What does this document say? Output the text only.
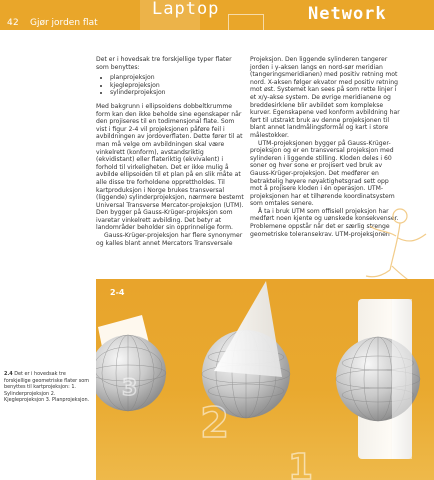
42 Gjør jorden flat
Laptop	Network

Det er i hovedsak tre forskjellige typer flater som benyttes:

• planprojeksjon
• kjegleprojeksjon
• sylinderprojeksjon

Med bakgrunn i ellipsoidens dobbeltkrumme form kan den ikke beholde sine egenskaper når den projiseres til en todimensjonal flate. Som vist i figur 2-4 vil projeksjonen påføre feil i avbildningen av jordoverflaten. Dette fører til at man må velge om avbildningen skal være vinkelrett (konform), avstandsriktig (ekvidistant) eller flateriktig (ekvivalent) i forhold til virkeligheten. Det er ikke mulig å avbilde ellipsoiden til et plan på en slik måte at alle disse tre forholdene opprettholdes. Til kartproduksjon i Norge brukes transversal (liggende) sylinderprojeksjon, nærmere bestemt Universal Transverse Mercator-projeksjon (UTM). Den bygger på Gauss-Krüger-projeksjon som ivaretar vinkelrett avbilding. Det betyr at landområder beholder sin opprinnelige form.

Gauss-Krüger-projeksjon har flere synonymer og kalles blant annet Mercators Transversale

Projeksjon. Den liggende sylinderen tangerer jorden i y-aksen langs en nord-sør meridian (tangeringsmeridianen) med positiv retning mot nord. X-aksen følger ekvator med positiv retning mot øst. Systemet kan sees på som rette linjer i et x/y-akse system. De øvrige meridianene og breddesirklene blir avbildet som komplekse kurver. Egenskapene ved konform avbildning har ført til utstrakt bruk av denne projeksjonen til blant annet landmålingsformål og kart i store målestokker.

UTM-projeksjonen bygger på Gauss-Krüger-projeksjon og er en transversal projeksjon med sylinderen i liggende stilling. Kloden deles i 60 soner og hver sone er projisert ved bruk av Gauss-Krüger-projeksjon. Det medfører en betraktelig høyere nøyaktighetsgrad sett opp mot å projisere kloden i én operasjon. UTM-projeksjonen har et tilhørende koordinatsystem som omtales senere.

Å ta i bruk UTM som offisiell projeksjon har medført noen kjente og uønskede konsekvenser. Problemene oppstår når det er særlig strenge geometriske toleransekrav. UTM-projeksjonen

2-4
3
2
1
2.4 Det er i hovedsak tre forskjellige geometriske flater som benyttes til kartprojeksjon: 1. Sylinderprojeksjon 2. Kjegleprojeksjon 3. Planprojeksjon.
